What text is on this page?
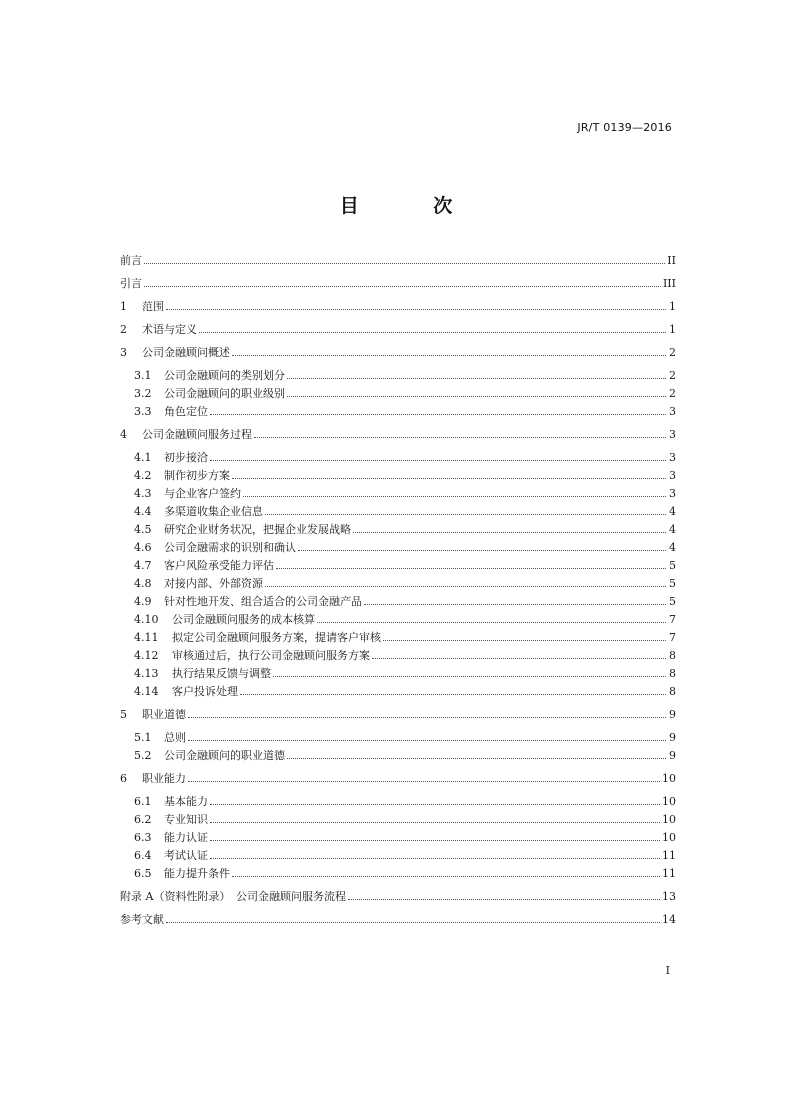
JR/T 0139—2016
目 次
前言	II
引言	III
1	范围	1
2	术语与定义	1
3	公司金融顾问概述	2
3.1	公司金融顾问的类别划分	2
3.2	公司金融顾问的职业级别	2
3.3	角色定位	3
4	公司金融顾问服务过程	3
4.1	初步接洽	3
4.2	制作初步方案	3
4.3	与企业客户签约	3
4.4	多渠道收集企业信息	4
4.5	研究企业财务状况，把握企业发展战略	4
4.6	公司金融需求的识别和确认	4
4.7	客户风险承受能力评估	5
4.8	对接内部、外部资源	5
4.9	针对性地开发、组合适合的公司金融产品	5
4.10	公司金融顾问服务的成本核算	7
4.11	拟定公司金融顾问服务方案，提请客户审核	7
4.12	审核通过后，执行公司金融顾问服务方案	8
4.13	执行结果反馈与调整	8
4.14	客户投诉处理	8
5	职业道德	9
5.1	总则	9
5.2	公司金融顾问的职业道德	9
6	职业能力	10
6.1	基本能力	10
6.2	专业知识	10
6.3	能力认证	10
6.4	考试认证	11
6.5	能力提升条件	11
附录 A（资料性附录）　公司金融顾问服务流程	13
参考文献	14
I
